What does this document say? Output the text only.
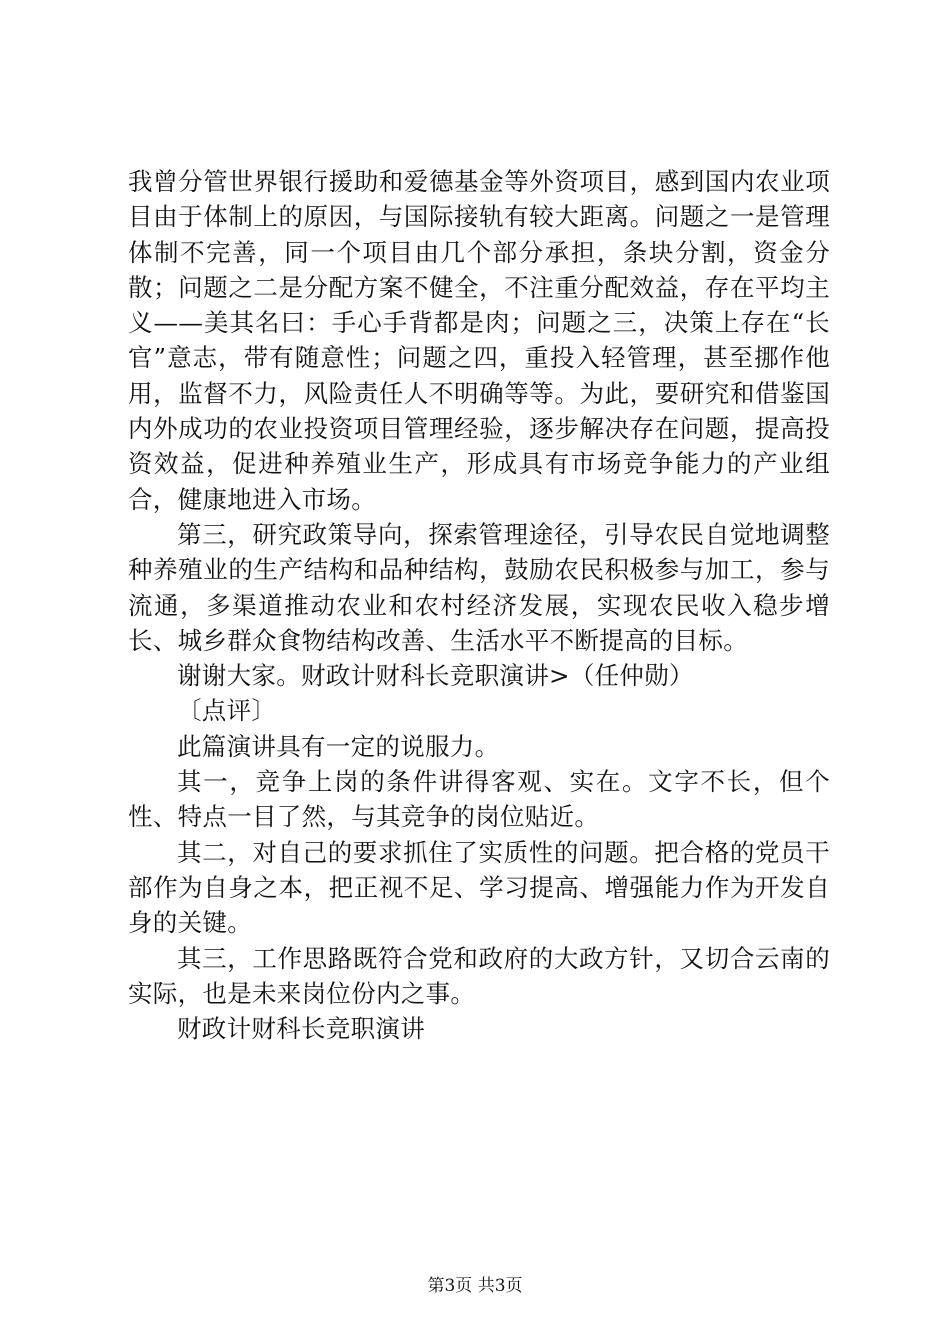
我曾分管世界银行援助和爱德基金等外资项目，感到国内农业项目由于体制上的原因，与国际接轨有较大距离。问题之一是管理体制不完善，同一个项目由几个部分承担，条块分割，资金分散；问题之二是分配方案不健全，不注重分配效益，存在平均主义——美其名曰：手心手背都是肉；问题之三，决策上存在“长官”意志，带有随意性；问题之四，重投入轻管理，甚至挪作他用，监督不力，风险责任人不明确等等。为此，要研究和借鉴国内外成功的农业投资项目管理经验，逐步解决存在问题，提高投资效益，促进种养殖业生产，形成具有市场竞争能力的产业组合，健康地进入市场。

第三，研究政策导向，探索管理途径，引导农民自觉地调整种养殖业的生产结构和品种结构，鼓励农民积极参与加工，参与流通，多渠道推动农业和农村经济发展，实现农民收入稳步增长、城乡群众食物结构改善、生活水平不断提高的目标。

谢谢大家。财政计财科长竞职演讲>（任仲勋）

〔点评〕

此篇演讲具有一定的说服力。

其一，竞争上岗的条件讲得客观、实在。文字不长，但个性、特点一目了然，与其竞争的岗位贴近。

其二，对自己的要求抓住了实质性的问题。把合格的党员干部作为自身之本，把正视不足、学习提高、增强能力作为开发自身的关键。

其三，工作思路既符合党和政府的大政方针，又切合云南的实际，也是未来岗位份内之事。

财政计财科长竞职演讲

第3页 共3页
